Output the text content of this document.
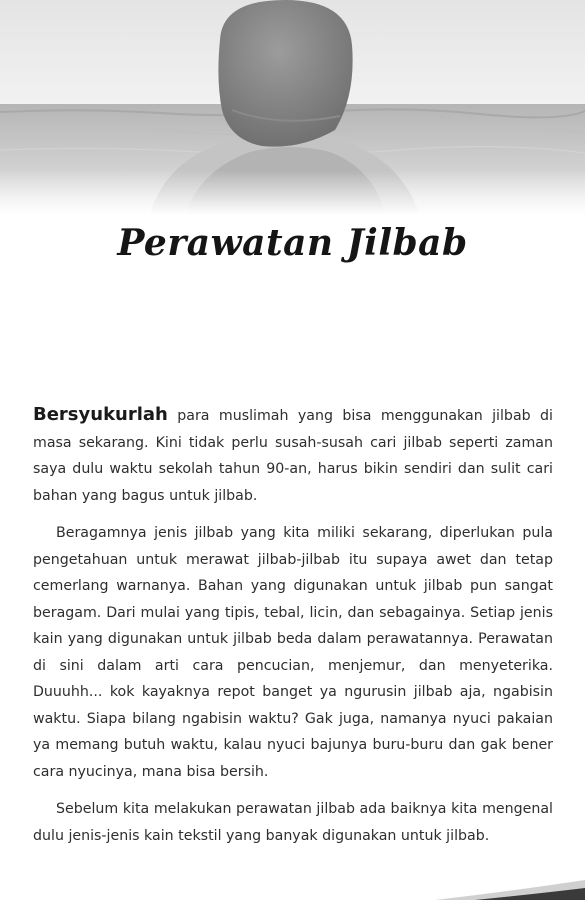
Perawatan Jilbab

Bersyukurlah para muslimah yang bisa menggunakan jilbab di masa sekarang. Kini tidak perlu susah-susah cari jilbab seperti zaman saya dulu waktu sekolah tahun 90-an, harus bikin sendiri dan sulit cari bahan yang bagus untuk jilbab.

Beragamnya jenis jilbab yang kita miliki sekarang, diperlukan pula pengetahuan untuk merawat jilbab-jilbab itu supaya awet dan tetap cemerlang warnanya. Bahan yang digunakan untuk jilbab pun sangat beragam. Dari mulai yang tipis, tebal, licin, dan sebagainya. Setiap jenis kain yang digunakan untuk jilbab beda dalam perawatannya. Perawatan di sini dalam arti cara pencucian, menjemur, dan menyeterika. Duuuhh... kok kayaknya repot banget ya ngurusin jilbab aja, ngabisin waktu. Siapa bilang ngabisin waktu? Gak juga, namanya nyuci pakaian ya memang butuh waktu, kalau nyuci bajunya buru-buru dan gak bener cara nyucinya, mana bisa bersih.

Sebelum kita melakukan perawatan jilbab ada baiknya kita mengenal dulu jenis-jenis kain tekstil yang banyak digunakan untuk jilbab.
